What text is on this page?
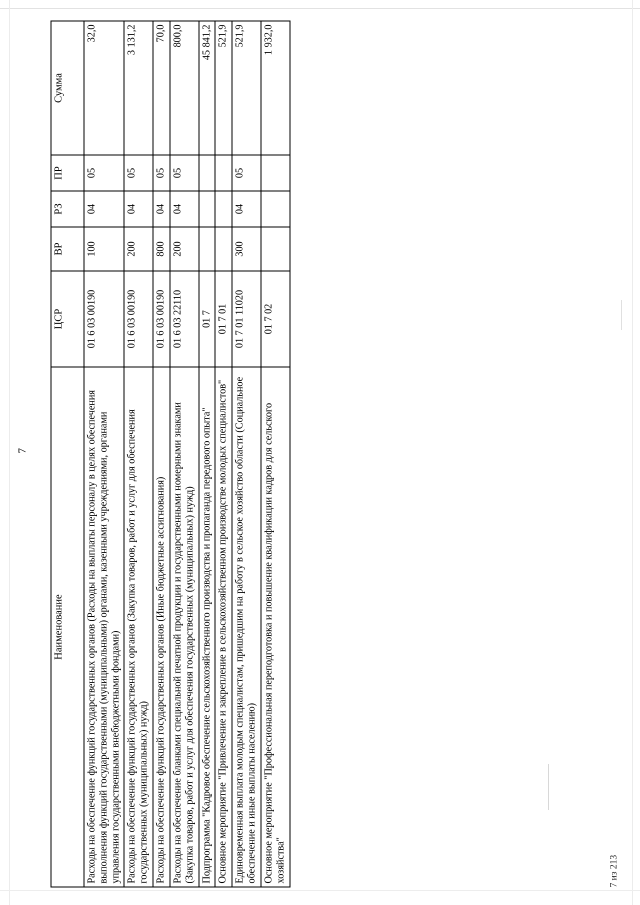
7
Наименование	ЦСР	ВР	РЗ	ПР	Сумма
Расходы на обеспечение функций государственных органов (Расходы на выплаты персоналу в целях обеспечения выполнения функций государственными (муниципальными) органами, казенными учреждениями, органами управления государственными внебюджетными фондами)	01 6 03 00190	100	04	05	32,0
Расходы на обеспечение функций государственных органов (Закупка товаров, работ и услуг для обеспечения государственных (муниципальных) нужд)	01 6 03 00190	200	04	05	3 131,2
Расходы на обеспечение функций государственных органов (Иные бюджетные ассигнования)	01 6 03 00190	800	04	05	70,0
Расходы на обеспечение бланками специальной печатной продукции и государственными номерными знаками (Закупка товаров, работ и услуг для обеспечения государственных (муниципальных) нужд)	01 6 03 22110	200	04	05	800,0
Подпрограмма "Кадровое обеспечение сельскохозяйственного производства и пропаганда передового опыта"	01 7				45 841,2
Основное мероприятие "Привлечение и закрепление в сельскохозяйственном производстве молодых специалистов"	01 7 01				521,9
Единовременная выплата молодым специалистам, пришедшим на работу в сельское хозяйство области (Социальное обеспечение и иные выплаты населению)	01 7 01 11020	300	04	05	521,9
Основное мероприятие "Профессиональная переподготовка и повышение квалификации кадров для сельского хозяйства"	01 7 02				1 932,0
7 из 213
